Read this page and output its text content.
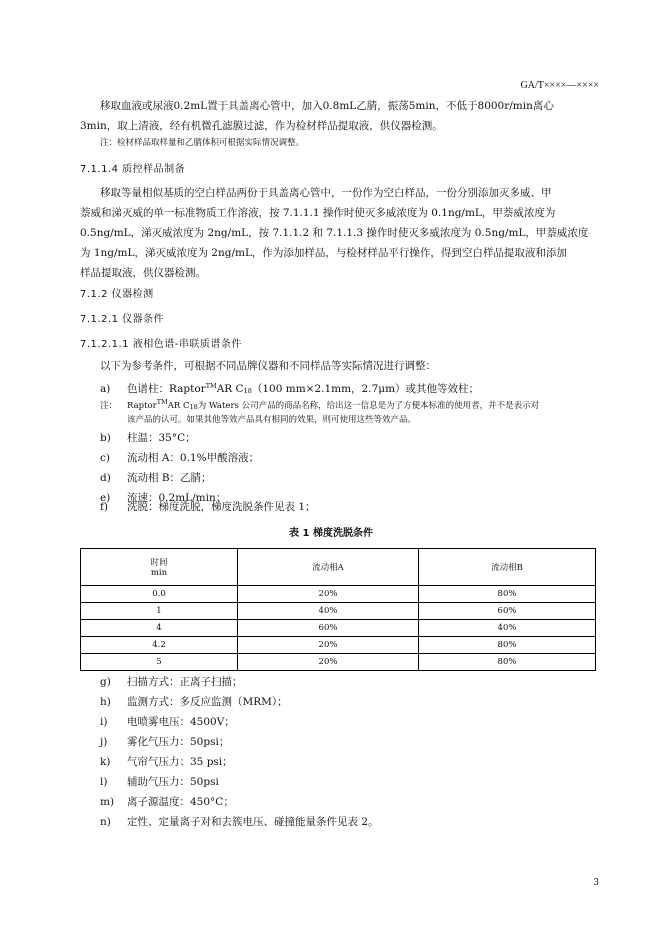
GA/T××××—××××
移取血液或尿液0.2mL置于具盖离心管中，加入0.8mL乙腈，振荡5min，不低于8000r/min离心
3min，取上清液，经有机微孔滤膜过滤，作为检材样品提取液，供仪器检测。
注：检材样品取样量和乙腈体积可根据实际情况调整。
7.1.1.4 质控样品制备
移取等量相似基质的空白样品两份于具盖离心管中，一份作为空白样品，一份分别添加灭多威、甲
萘威和涕灭威的单一标准物质工作溶液，按 7.1.1.1 操作时使灭多威浓度为 0.1ng/mL，甲萘威浓度为
0.5ng/mL，涕灭威浓度为 2ng/mL，按 7.1.1.2 和 7.1.1.3 操作时使灭多威浓度为 0.5ng/mL，甲萘威浓度
为 1ng/mL，涕灭威浓度为 2ng/mL，作为添加样品，与检材样品平行操作，得到空白样品提取液和添加
样品提取液，供仪器检测。
7.1.2 仪器检测
7.1.2.1 仪器条件
7.1.2.1.1 液相色谱-串联质谱条件
以下为参考条件，可根据不同品牌仪器和不同样品等实际情况进行调整：
a) 色谱柱：Raptor™AR C18（100 mm×2.1mm，2.7μm）或其他等效柱；
注： Raptor™AR C18为 Waters 公司产品的商品名称，给出这一信息是为了方便本标准的使用者，并不是表示对
该产品的认可。如果其他等效产品具有相同的效果，则可使用这些等效产品。
b) 柱温：35°C；
c) 流动相 A：0.1%甲酸溶液；
d) 流动相 B：乙腈；
e) 流速：0.2mL/min；
f) 洗脱：梯度洗脱，梯度洗脱条件见表 1；
表 1 梯度洗脱条件
时间
min	流动相A	流动相B
0.0	20%	80%
1	40%	60%
4	60%	40%
4.2	20%	80%
5	20%	80%
g) 扫描方式：正离子扫描；
h) 监测方式：多反应监测（MRM）；
i) 电喷雾电压：4500V；
j) 雾化气压力：50psi；
k) 气帘气压力：35 psi；
l) 辅助气压力：50psi
m) 离子源温度：450°C；
n) 定性、定量离子对和去簇电压、碰撞能量条件见表 2。
3
